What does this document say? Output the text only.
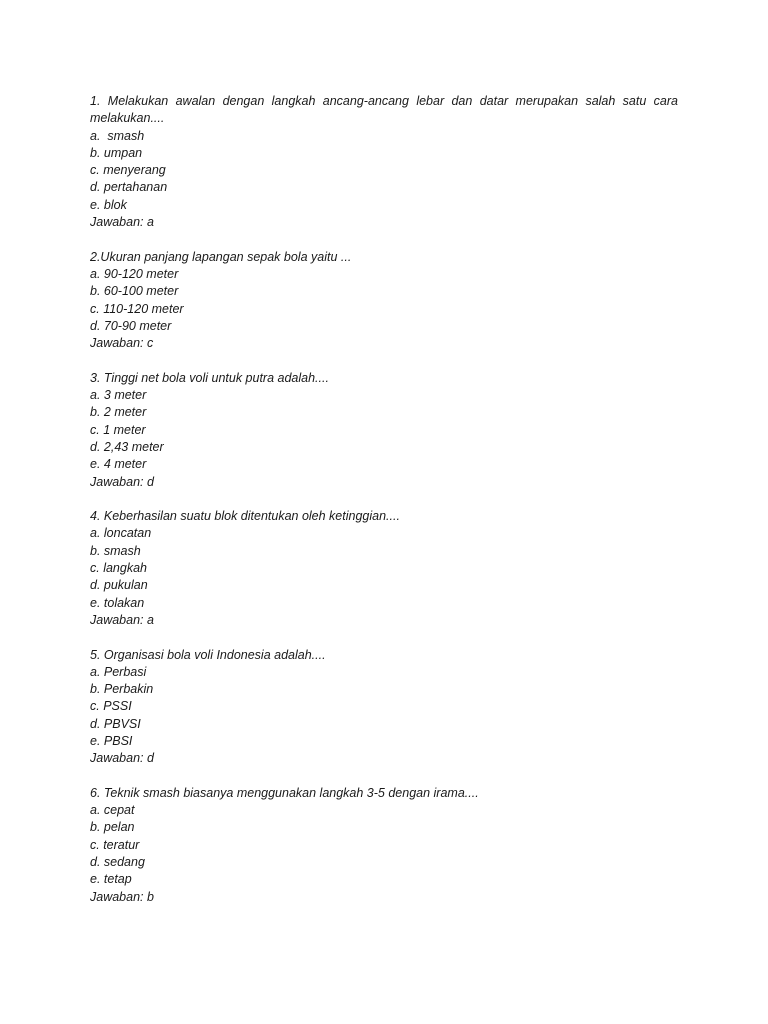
1. Melakukan awalan dengan langkah ancang-ancang lebar dan datar merupakan salah satu cara melakukan....
a.  smash
b. umpan
c. menyerang
d. pertahanan
e. blok
Jawaban: a
2.Ukuran panjang lapangan sepak bola yaitu ...
a. 90-120 meter
b. 60-100 meter
c. 110-120 meter
d. 70-90 meter
Jawaban: c
3. Tinggi net bola voli untuk putra adalah....
a. 3 meter
b. 2 meter
c. 1 meter
d. 2,43 meter
e. 4 meter
Jawaban: d
4. Keberhasilan suatu blok ditentukan oleh ketinggian....
a. loncatan
b. smash
c. langkah
d. pukulan
e. tolakan
Jawaban: a
5. Organisasi bola voli Indonesia adalah....
a. Perbasi
b. Perbakin
c. PSSI
d. PBVSI
e. PBSI
Jawaban: d
6. Teknik smash biasanya menggunakan langkah 3-5 dengan irama....
a. cepat
b. pelan
c. teratur
d. sedang
e. tetap
Jawaban: b
